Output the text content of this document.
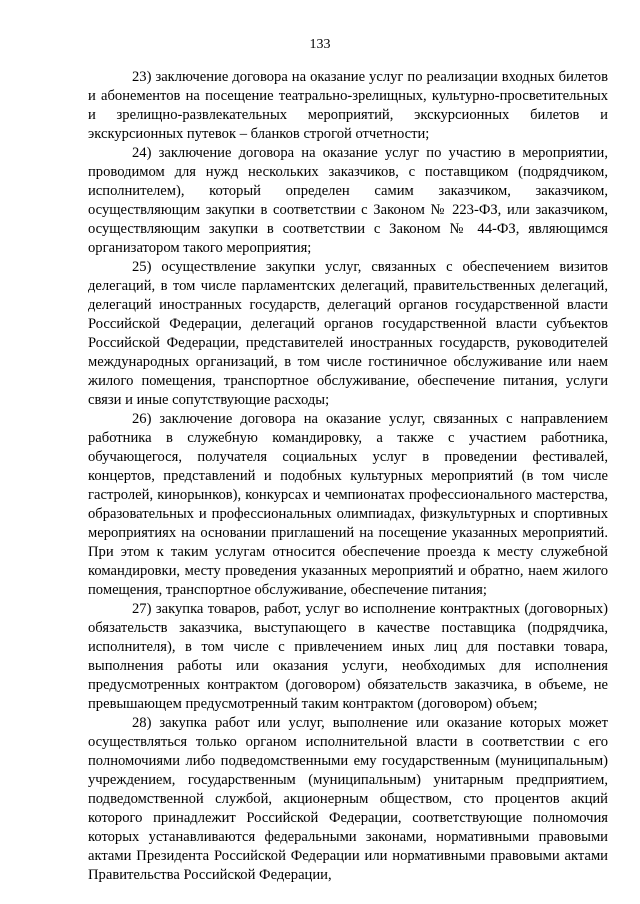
133

23) заключение договора на оказание услуг по реализации входных билетов и абонементов на посещение театрально-зрелищных, культурно-просветительных и зрелищно-развлекательных мероприятий, экскурсионных билетов и экскурсионных путевок – бланков строгой отчетности;

24) заключение договора на оказание услуг по участию в мероприятии, проводимом для нужд нескольких заказчиков, с поставщиком (подрядчиком, исполнителем), который определен самим заказчиком, заказчиком, осуществляющим закупки в соответствии с Законом № 223-ФЗ, или заказчиком, осуществляющим закупки в соответствии с Законом № 44-ФЗ, являющимся организатором такого мероприятия;

25) осуществление закупки услуг, связанных с обеспечением визитов делегаций, в том числе парламентских делегаций, правительственных делегаций, делегаций иностранных государств, делегаций органов государственной власти Российской Федерации, делегаций органов государственной власти субъектов Российской Федерации, представителей иностранных государств, руководителей международных организаций, в том числе гостиничное обслуживание или наем жилого помещения, транспортное обслуживание, обеспечение питания, услуги связи и иные сопутствующие расходы;

26) заключение договора на оказание услуг, связанных с направлением работника в служебную командировку, а также с участием работника, обучающегося, получателя социальных услуг в проведении фестивалей, концертов, представлений и подобных культурных мероприятий (в том числе гастролей, кинорынков), конкурсах и чемпионатах профессионального мастерства, образовательных и профессиональных олимпиадах, физкультурных и спортивных мероприятиях на основании приглашений на посещение указанных мероприятий. При этом к таким услугам относится обеспечение проезда к месту служебной командировки, месту проведения указанных мероприятий и обратно, наем жилого помещения, транспортное обслуживание, обеспечение питания;

27) закупка товаров, работ, услуг во исполнение контрактных (договорных) обязательств заказчика, выступающего в качестве поставщика (подрядчика, исполнителя), в том числе с привлечением иных лиц для поставки товара, выполнения работы или оказания услуги, необходимых для исполнения предусмотренных контрактом (договором) обязательств заказчика, в объеме, не превышающем предусмотренный таким контрактом (договором) объем;

28) закупка работ или услуг, выполнение или оказание которых может осуществляться только органом исполнительной власти в соответствии с его полномочиями либо подведомственными ему государственным (муниципальным) учреждением, государственным (муниципальным) унитарным предприятием, подведомственной службой, акционерным обществом, сто процентов акций которого принадлежит Российской Федерации, соответствующие полномочия которых устанавливаются федеральными законами, нормативными правовыми актами Президента Российской Федерации или нормативными правовыми актами Правительства Российской Федерации,
